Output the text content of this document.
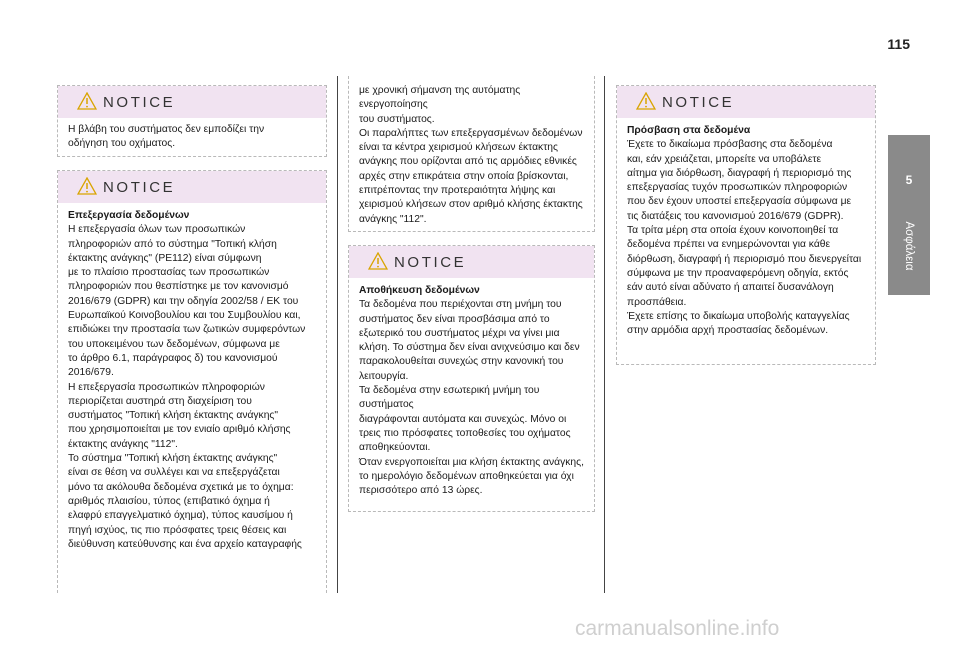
115
5
Ασφάλεια
NOTICE

Η βλάβη του συστήματος δεν εμποδίζει την

οδήγηση του οχήματος.

NOTICE

Επεξεργασία δεδομένων

Η επεξεργασία όλων των προσωπικών

πληροφοριών από το σύστημα "Τοπική κλήση

έκτακτης ανάγκης" (PE112) είναι σύμφωνη

με το πλαίσιο προστασίας των προσωπικών

πληροφοριών που θεσπίστηκε με τον κανονισμό

2016/679 (GDPR) και την οδηγία 2002/58 / ΕΚ του

Ευρωπαϊκού Κοινοβουλίου και του Συμβουλίου και,

επιδιώκει την προστασία των ζωτικών συμφερόντων

του υποκειμένου των δεδομένων, σύμφωνα με

το άρθρο 6.1, παράγραφος δ) του κανονισμού

2016/679.

Η επεξεργασία προσωπικών πληροφοριών

περιορίζεται αυστηρά στη διαχείριση του

συστήματος "Τοπική κλήση έκτακτης ανάγκης"

που χρησιμοποιείται με τον ενιαίο αριθμό κλήσης

έκτακτης ανάγκης "112".

Το σύστημα "Τοπική κλήση έκτακτης ανάγκης"

είναι σε θέση να συλλέγει και να επεξεργάζεται

μόνο τα ακόλουθα δεδομένα σχετικά με το όχημα:

αριθμός πλαισίου, τύπος (επιβατικό όχημα ή

ελαφρύ επαγγελματικό όχημα), τύπος καυσίμου ή

πηγή ισχύος, τις πιο πρόσφατες τρεις θέσεις και

διεύθυνση κατεύθυνσης και ένα αρχείο καταγραφής

με χρονική σήμανση της αυτόματης ενεργοποίησης

του συστήματος.

Οι παραλήπτες των επεξεργασμένων δεδομένων

είναι τα κέντρα χειρισμού κλήσεων έκτακτης

ανάγκης που ορίζονται από τις αρμόδιες εθνικές

αρχές στην επικράτεια στην οποία βρίσκονται,

επιτρέποντας την προτεραιότητα λήψης και

χειρισμού κλήσεων στον αριθμό κλήσης έκτακτης

ανάγκης "112".

NOTICE

Αποθήκευση δεδομένων

Τα δεδομένα που περιέχονται στη μνήμη του

συστήματος δεν είναι προσβάσιμα από το

εξωτερικό του συστήματος μέχρι να γίνει μια

κλήση. Το σύστημα δεν είναι ανιχνεύσιμο και δεν

παρακολουθείται συνεχώς στην κανονική του

λειτουργία.

Τα δεδομένα στην εσωτερική μνήμη του συστήματος

διαγράφονται αυτόματα και συνεχώς. Μόνο οι

τρεις πιο πρόσφατες τοποθεσίες του οχήματος

αποθηκεύονται.

Όταν ενεργοποιείται μια κλήση έκτακτης ανάγκης,

το ημερολόγιο δεδομένων αποθηκεύεται για όχι

περισσότερο από 13 ώρες.

NOTICE

Πρόσβαση στα δεδομένα

Έχετε το δικαίωμα πρόσβασης στα δεδομένα

και, εάν χρειάζεται, μπορείτε να υποβάλετε

αίτημα για διόρθωση, διαγραφή ή περιορισμό της

επεξεργασίας τυχόν προσωπικών πληροφοριών

που δεν έχουν υποστεί επεξεργασία σύμφωνα με

τις διατάξεις του κανονισμού 2016/679 (GDPR).

Τα τρίτα μέρη στα οποία έχουν κοινοποιηθεί τα

δεδομένα πρέπει να ενημερώνονται για κάθε

διόρθωση, διαγραφή ή περιορισμό που διενεργείται

σύμφωνα με την προαναφερόμενη οδηγία, εκτός

εάν αυτό είναι αδύνατο ή απαιτεί δυσανάλογη

προσπάθεια.

Έχετε επίσης το δικαίωμα υποβολής καταγγελίας

στην αρμόδια αρχή προστασίας δεδομένων.

carmanualsonline.info
